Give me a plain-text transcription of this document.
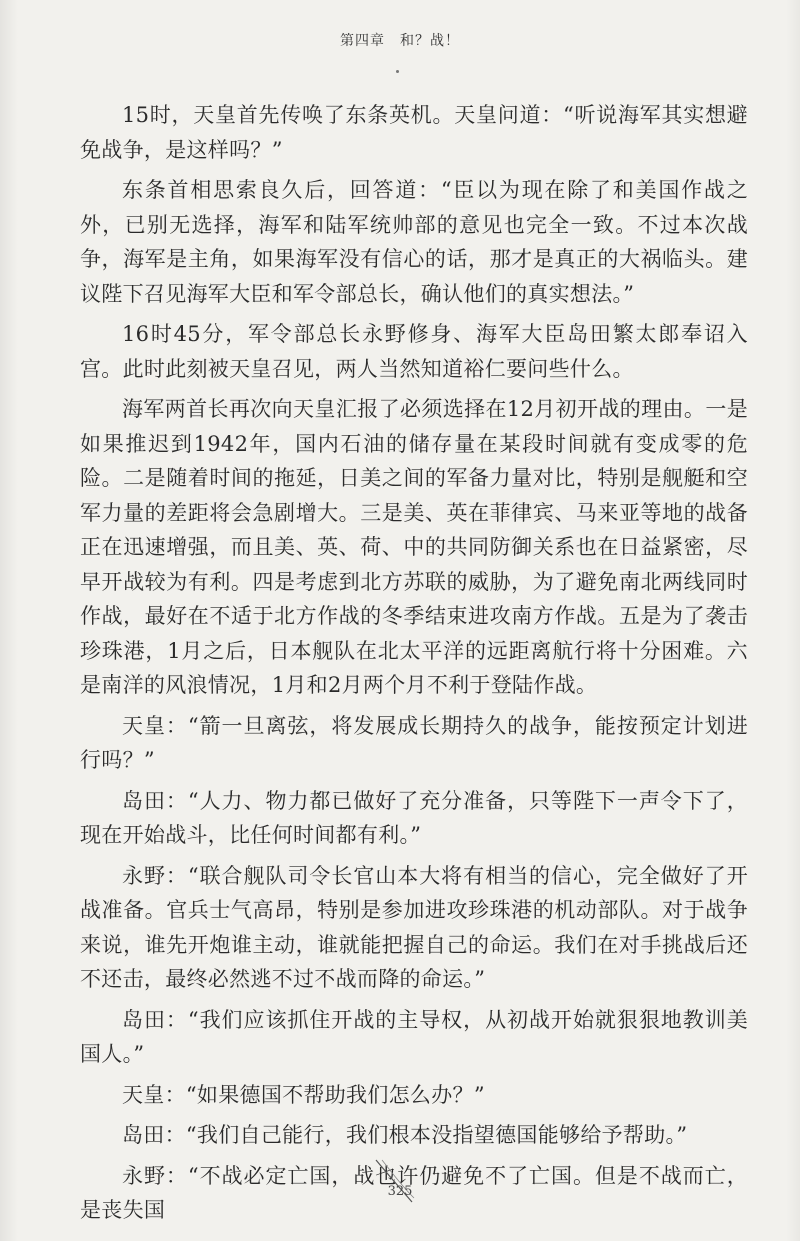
第四章　和？战！

15时，天皇首先传唤了东条英机。天皇问道：“听说海军其实想避免战争，是这样吗？”

东条首相思索良久后，回答道：“臣以为现在除了和美国作战之外，已别无选择，海军和陆军统帅部的意见也完全一致。不过本次战争，海军是主角，如果海军没有信心的话，那才是真正的大祸临头。建议陛下召见海军大臣和军令部总长，确认他们的真实想法。”

16时45分，军令部总长永野修身、海军大臣岛田繁太郎奉诏入宫。此时此刻被天皇召见，两人当然知道裕仁要问些什么。

海军两首长再次向天皇汇报了必须选择在12月初开战的理由。一是如果推迟到1942年，国内石油的储存量在某段时间就有变成零的危险。二是随着时间的拖延，日美之间的军备力量对比，特别是舰艇和空军力量的差距将会急剧增大。三是美、英在菲律宾、马来亚等地的战备正在迅速增强，而且美、英、荷、中的共同防御关系也在日益紧密，尽早开战较为有利。四是考虑到北方苏联的威胁，为了避免南北两线同时作战，最好在不适于北方作战的冬季结束进攻南方作战。五是为了袭击珍珠港，1月之后，日本舰队在北太平洋的远距离航行将十分困难。六是南洋的风浪情况，1月和2月两个月不利于登陆作战。

天皇：“箭一旦离弦，将发展成长期持久的战争，能按预定计划进行吗？”

岛田：“人力、物力都已做好了充分准备，只等陛下一声令下了，现在开始战斗，比任何时间都有利。”

永野：“联合舰队司令长官山本大将有相当的信心，完全做好了开战准备。官兵士气高昂，特别是参加进攻珍珠港的机动部队。对于战争来说，谁先开炮谁主动，谁就能把握自己的命运。我们在对手挑战后还不还击，最终必然逃不过不战而降的命运。”

岛田：“我们应该抓住开战的主导权，从初战开始就狠狠地教训美国人。”

天皇：“如果德国不帮助我们怎么办？”

岛田：“我们自己能行，我们根本没指望德国能够给予帮助。”

永野：“不战必定亡国，战也许仍避免不了亡国。但是不战而亡，是丧失国

325
